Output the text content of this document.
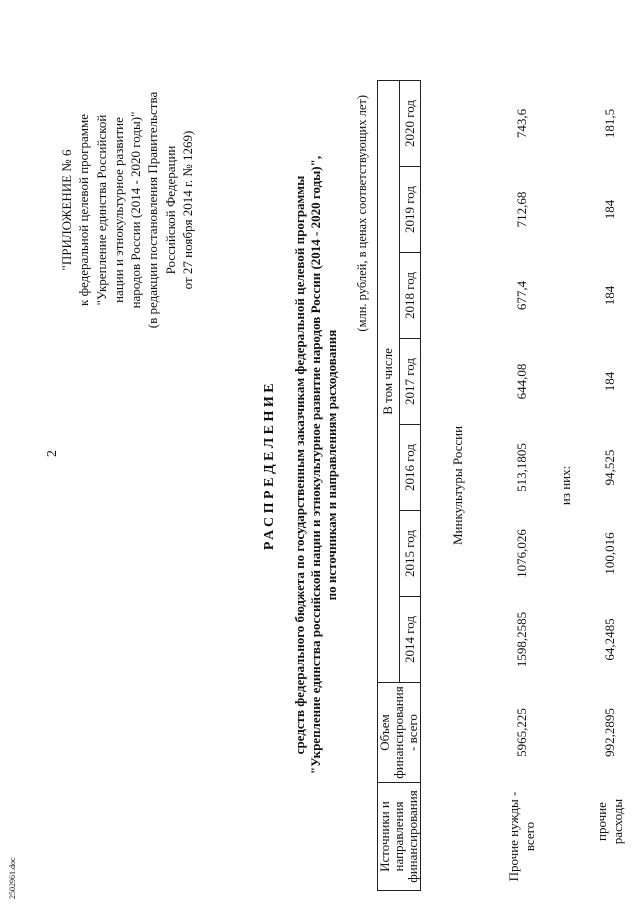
2502961.doc
2
"ПРИЛОЖЕНИЕ № 6 к федеральной целевой программе "Укрепление единства Российской нации и этнокультурное развитие народов России (2014 - 2020 годы)" (в редакции постановления Правительства Российской Федерации от 27 ноября 2014 г. № 1269)
РАСПРЕДЕЛЕНИЕ средств федерального бюджета по государственным заказчикам федеральной целевой программы "Укрепление единства российской нации и этнокультурное развитие народов России (2014 - 2020 годы)", по источникам и направлениям расходования
(млн. рублей, в ценах соответствующих лет)
Источники и направления финансирования	Объем финансирования - всего	В том числе						
		2014 год	2015 год	2016 год	2017 год	2018 год	2019 год	2020 год
Минкультуры России								
Прочие нужды - всего	5965,225	1598,2585	1076,026	513,1805	644,08	677,4	712,68	743,6
из них:								
прочие расходы	992,2895	64,2485	100,016	94,525	184	184	184	181,5
